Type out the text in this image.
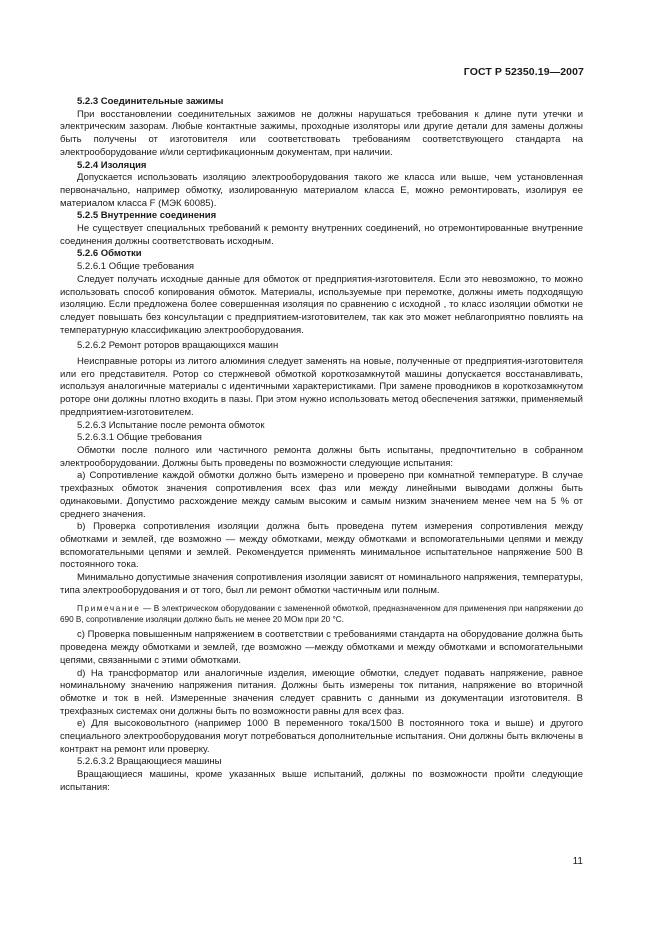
ГОСТ Р 52350.19—2007

5.2.3 Соединительные зажимы

При восстановлении соединительных зажимов не должны нарушаться требования к длине пути утечки и электрическим зазорам. Любые контактные зажимы, проходные изоляторы или другие детали для замены должны быть получены от изготовителя или соответствовать требованиям соответствующего стандарта на электрооборудование и/или сертификационным документам, при наличии.

5.2.4 Изоляция

Допускается использовать изоляцию электрооборудования такого же класса или выше, чем установленная первоначально, например обмотку, изолированную материалом класса E, можно ремонтировать, изолируя ее материалом класса F (МЭК 60085).

5.2.5 Внутренние соединения

Не существует специальных требований к ремонту внутренних соединений, но отремонтированные внутренние соединения должны соответствовать исходным.

5.2.6 Обмотки

5.2.6.1 Общие требования

Следует получать исходные данные для обмоток от предприятия-изготовителя. Если это невозможно, то можно использовать способ копирования обмоток. Материалы, используемые при перемотке, должны иметь подходящую изоляцию. Если предложена более совершенная изоляция по сравнению с исходной , то класс изоляции обмотки не следует повышать без консультации с предприятием-изготовителем, так как это может неблагоприятно повлиять на температурную классификацию электрооборудования.

5.2.6.2 Ремонт роторов вращающихся машин

Неисправные роторы из литого алюминия следует заменять на новые, полученные от предприятия-изготовителя или его представителя. Ротор со стержневой обмоткой короткозамкнутой машины допускается восстанавливать, используя аналогичные материалы с идентичными характеристиками. При замене проводников в короткозамкнутом роторе они должны плотно входить в пазы. При этом нужно использовать метод обеспечения затяжки, применяемый предприятием-изготовителем.

5.2.6.3 Испытание после ремонта обмоток

5.2.6.3.1 Общие требования

Обмотки после полного или частичного ремонта должны быть испытаны, предпочтительно в собранном электрооборудовании. Должны быть проведены по возможности следующие испытания:

a) Сопротивление каждой обмотки должно быть измерено и проверено при комнатной температуре. В случае трехфазных обмоток значения сопротивления всех фаз или между линейными выводами должны быть одинаковыми. Допустимо расхождение между самым высоким и самым низким значением менее чем на 5 % от среднего значения.

b) Проверка сопротивления изоляции должна быть проведена путем измерения сопротивления между обмотками и землей, где возможно — между обмотками, между обмотками и вспомогательными цепями и между вспомогательными цепями и землей. Рекомендуется применять минимальное испытательное напряжение 500 В постоянного тока.

Минимально допустимые значения сопротивления изоляции зависят от номинального напряжения, температуры, типа электрооборудования и от того, был ли ремонт обмотки частичным или полным.

Примечание — В электрическом оборудовании с замененной обмоткой, предназначенном для применения при напряжении до 690 В, сопротивление изоляции должно быть не менее 20 МОм при 20 °С.

c) Проверка повышенным напряжением в соответствии с требованиями стандарта на оборудование должна быть проведена между обмотками и землей, где возможно —между обмотками и между обмотками и вспомогательными цепями, связанными с этими обмотками.

d) На трансформатор или аналогичные изделия, имеющие обмотки, следует подавать напряжение, равное номинальному значению напряжения питания. Должны быть измерены ток питания, напряжение во вторичной обмотке и ток в ней. Измеренные значения следует сравнить с данными из документации изготовителя. В трехфазных системах они должны быть по возможности равны для всех фаз.

e) Для высоковольтного (например 1000 В переменного тока/1500 В постоянного тока и выше) и другого специального электрооборудования могут потребоваться дополнительные испытания. Они должны быть включены в контракт на ремонт или проверку.

5.2.6.3.2 Вращающиеся машины

Вращающиеся машины, кроме указанных выше испытаний, должны по возможности пройти следующие испытания:

11
